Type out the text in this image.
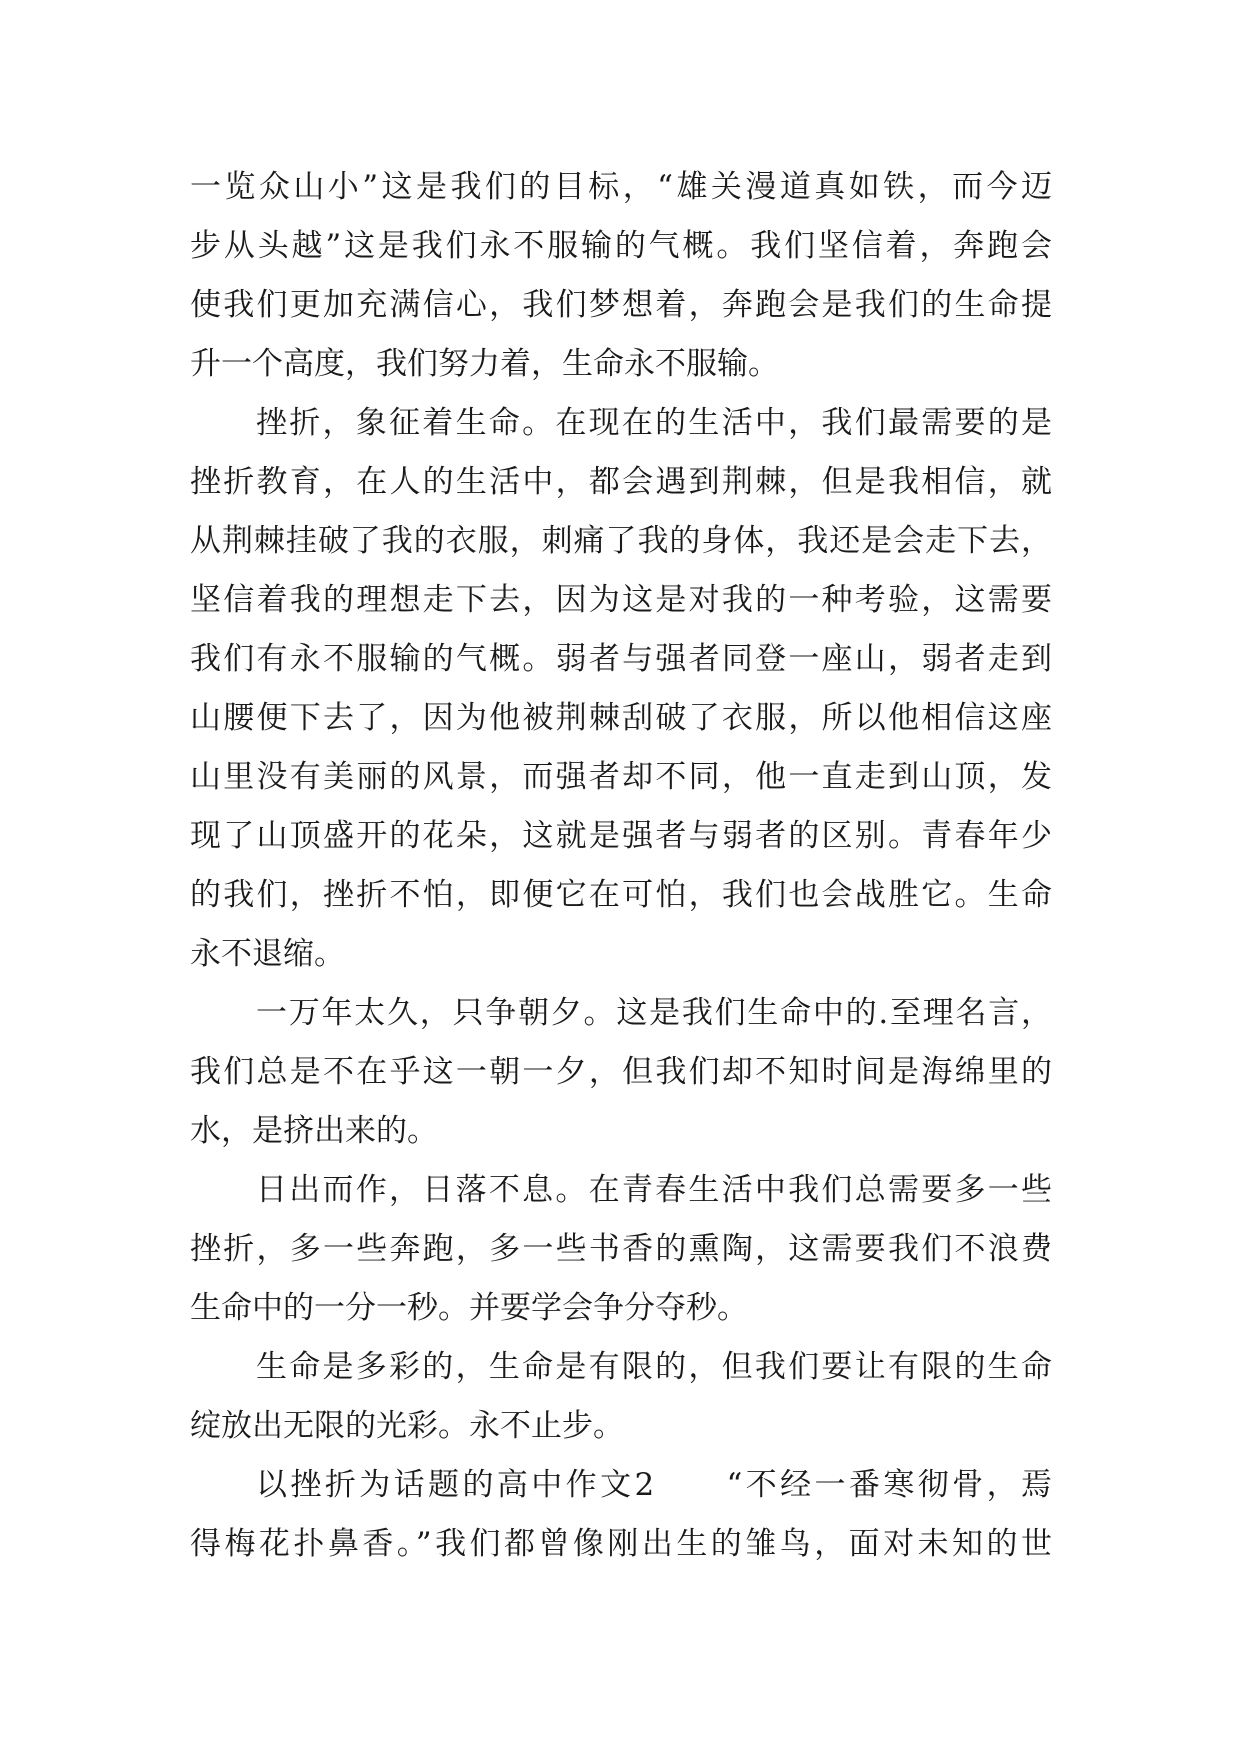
一览众山小”这是我们的目标，“雄关漫道真如铁，而今迈
步从头越”这是我们永不服输的气概。我们坚信着，奔跑会
使我们更加充满信心，我们梦想着，奔跑会是我们的生命提
升一个高度，我们努力着，生命永不服输。
挫折，象征着生命。在现在的生活中，我们最需要的是
挫折教育，在人的生活中，都会遇到荆棘，但是我相信，就
从荆棘挂破了我的衣服，刺痛了我的身体，我还是会走下去，
坚信着我的理想走下去，因为这是对我的一种考验，这需要
我们有永不服输的气概。弱者与强者同登一座山，弱者走到
山腰便下去了，因为他被荆棘刮破了衣服，所以他相信这座
山里没有美丽的风景，而强者却不同，他一直走到山顶，发
现了山顶盛开的花朵，这就是强者与弱者的区别。青春年少
的我们，挫折不怕，即便它在可怕，我们也会战胜它。生命
永不退缩。
一万年太久，只争朝夕。这是我们生命中的.至理名言，
我们总是不在乎这一朝一夕，但我们却不知时间是海绵里的
水，是挤出来的。
日出而作，日落不息。在青春生活中我们总需要多一些
挫折，多一些奔跑，多一些书香的熏陶，这需要我们不浪费
生命中的一分一秒。并要学会争分夺秒。
生命是多彩的，生命是有限的，但我们要让有限的生命
绽放出无限的光彩。永不止步。
以挫折为话题的高中作文2　　“不经一番寒彻骨，焉
得梅花扑鼻香。”我们都曾像刚出生的雏鸟，面对未知的世
